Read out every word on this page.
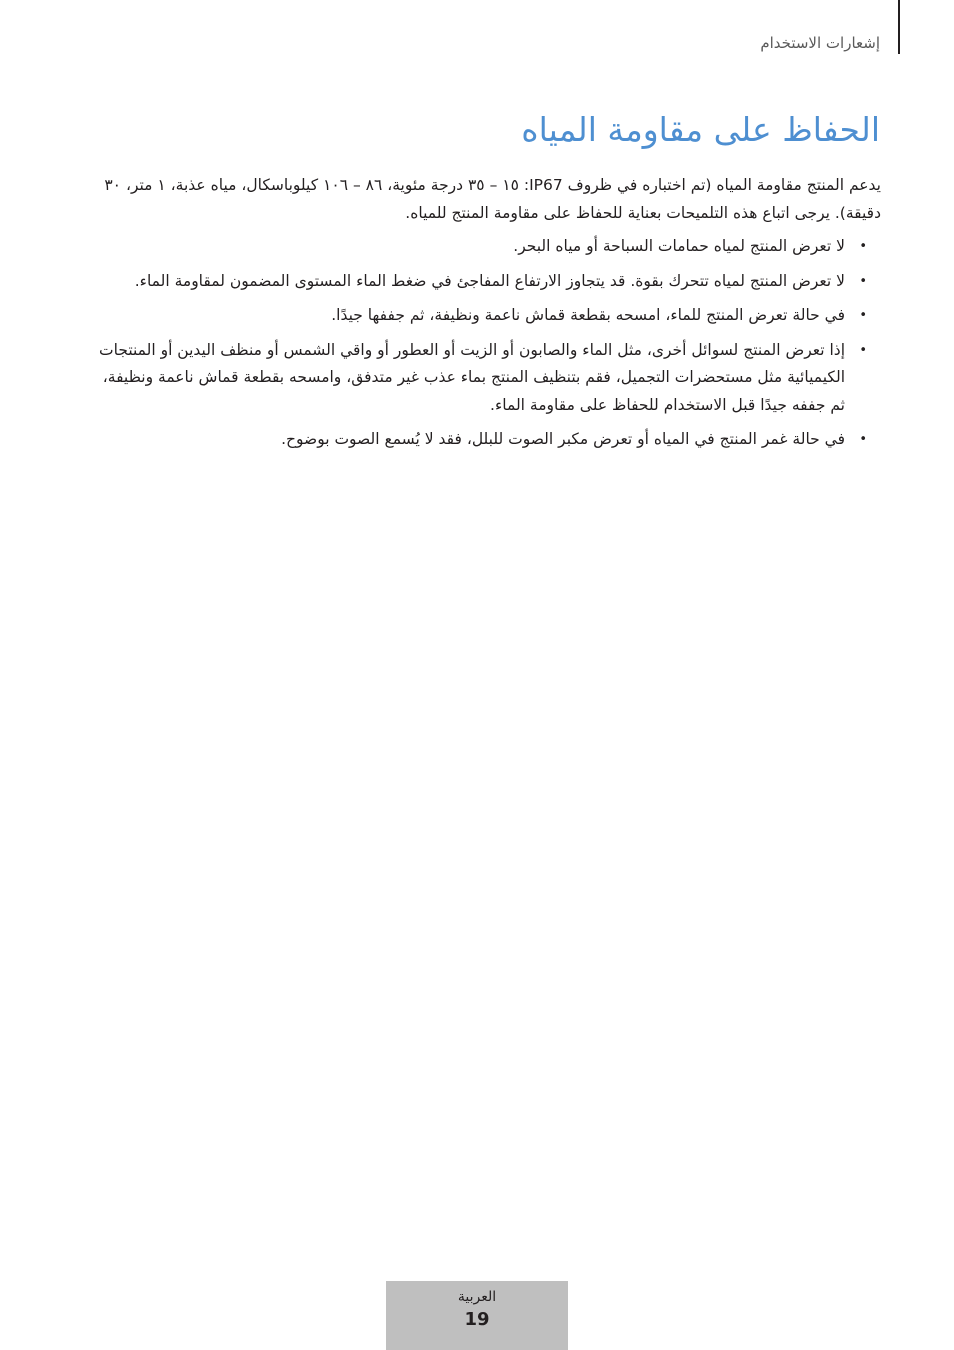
إشعارات الاستخدام
الحفاظ على مقاومة المياه

يدعم المنتج مقاومة المياه (تم اختباره في ظروف IP67: ١٥ – ٣٥ درجة مئوية، ٨٦ – ١٠٦ كيلوباسكال، مياه عذبة، ١ متر، ٣٠ دقيقة). يرجى اتباع هذه التلميحات بعناية للحفاظ على مقاومة المنتج للمياه.

•
لا تعرض المنتج لمياه حمامات السباحة أو مياه البحر.
•
لا تعرض المنتج لمياه تتحرك بقوة. قد يتجاوز الارتفاع المفاجئ في ضغط الماء المستوى المضمون لمقاومة الماء.
•
في حالة تعرض المنتج للماء، امسحه بقطعة قماش ناعمة ونظيفة، ثم جففها جيدًا.
•
إذا تعرض المنتج لسوائل أخرى، مثل الماء والصابون أو الزيت أو العطور أو واقي الشمس أو منظف اليدين أو المنتجات الكيميائية مثل مستحضرات التجميل، فقم بتنظيف المنتج بماء عذب غير متدفق، وامسحه بقطعة قماش ناعمة ونظيفة، ثم جففه جيدًا قبل الاستخدام للحفاظ على مقاومة الماء.
•
في حالة غمر المنتج في المياه أو تعرض مكبر الصوت للبلل، فقد لا يُسمع الصوت بوضوح.
العربية
19
